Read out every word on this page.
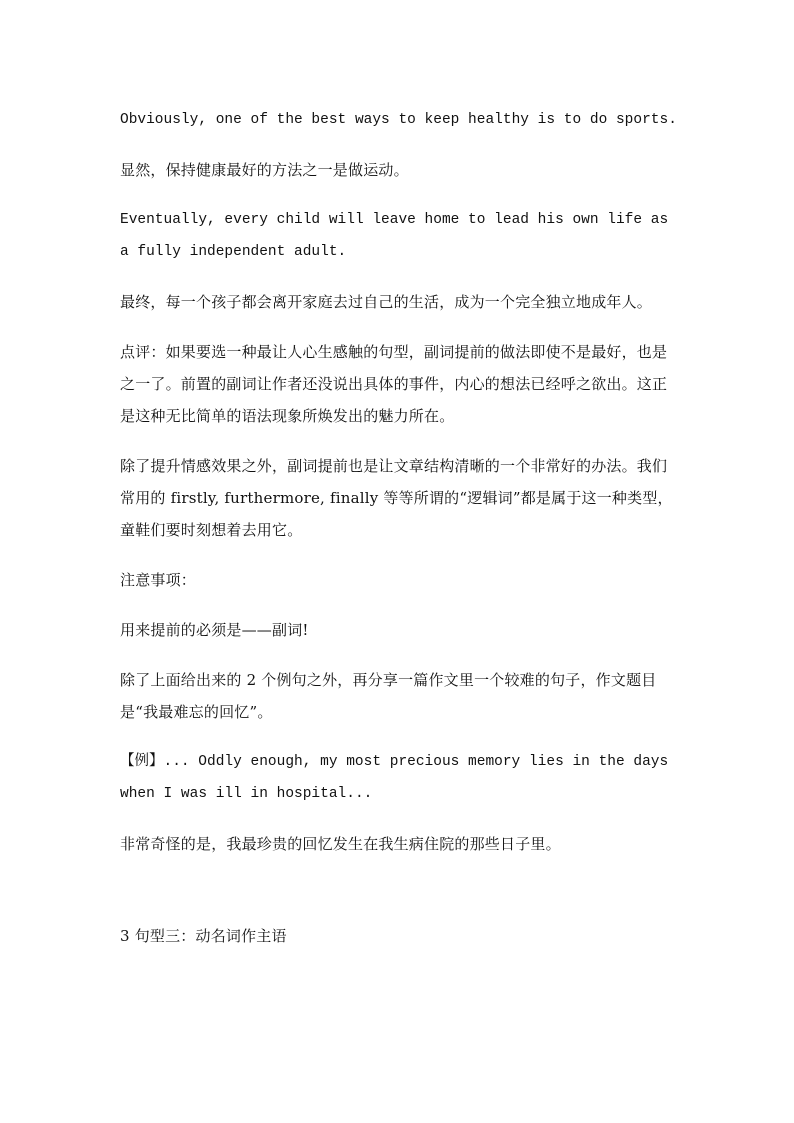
Obviously, one of the best ways to keep healthy is to do sports.

显然，保持健康最好的方法之一是做运动。

Eventually, every child will leave home to lead his own life as a fully independent adult.

最终，每一个孩子都会离开家庭去过自己的生活，成为一个完全独立地成年人。

点评：如果要选一种最让人心生感触的句型，副词提前的做法即使不是最好，也是之一了。前置的副词让作者还没说出具体的事件，内心的想法已经呼之欲出。这正是这种无比简单的语法现象所焕发出的魅力所在。

除了提升情感效果之外，副词提前也是让文章结构清晰的一个非常好的办法。我们常用的 firstly, furthermore, finally 等等所谓的“逻辑词”都是属于这一种类型，童鞋们要时刻想着去用它。

注意事项：

用来提前的必须是——副词!

除了上面给出来的 2 个例句之外，再分享一篇作文里一个较难的句子，作文题目是“我最难忘的回忆”。

【例】... Oddly enough, my most precious memory lies in the days when I was ill in hospital...

非常奇怪的是，我最珍贵的回忆发生在我生病住院的那些日子里。

3 句型三：动名词作主语
